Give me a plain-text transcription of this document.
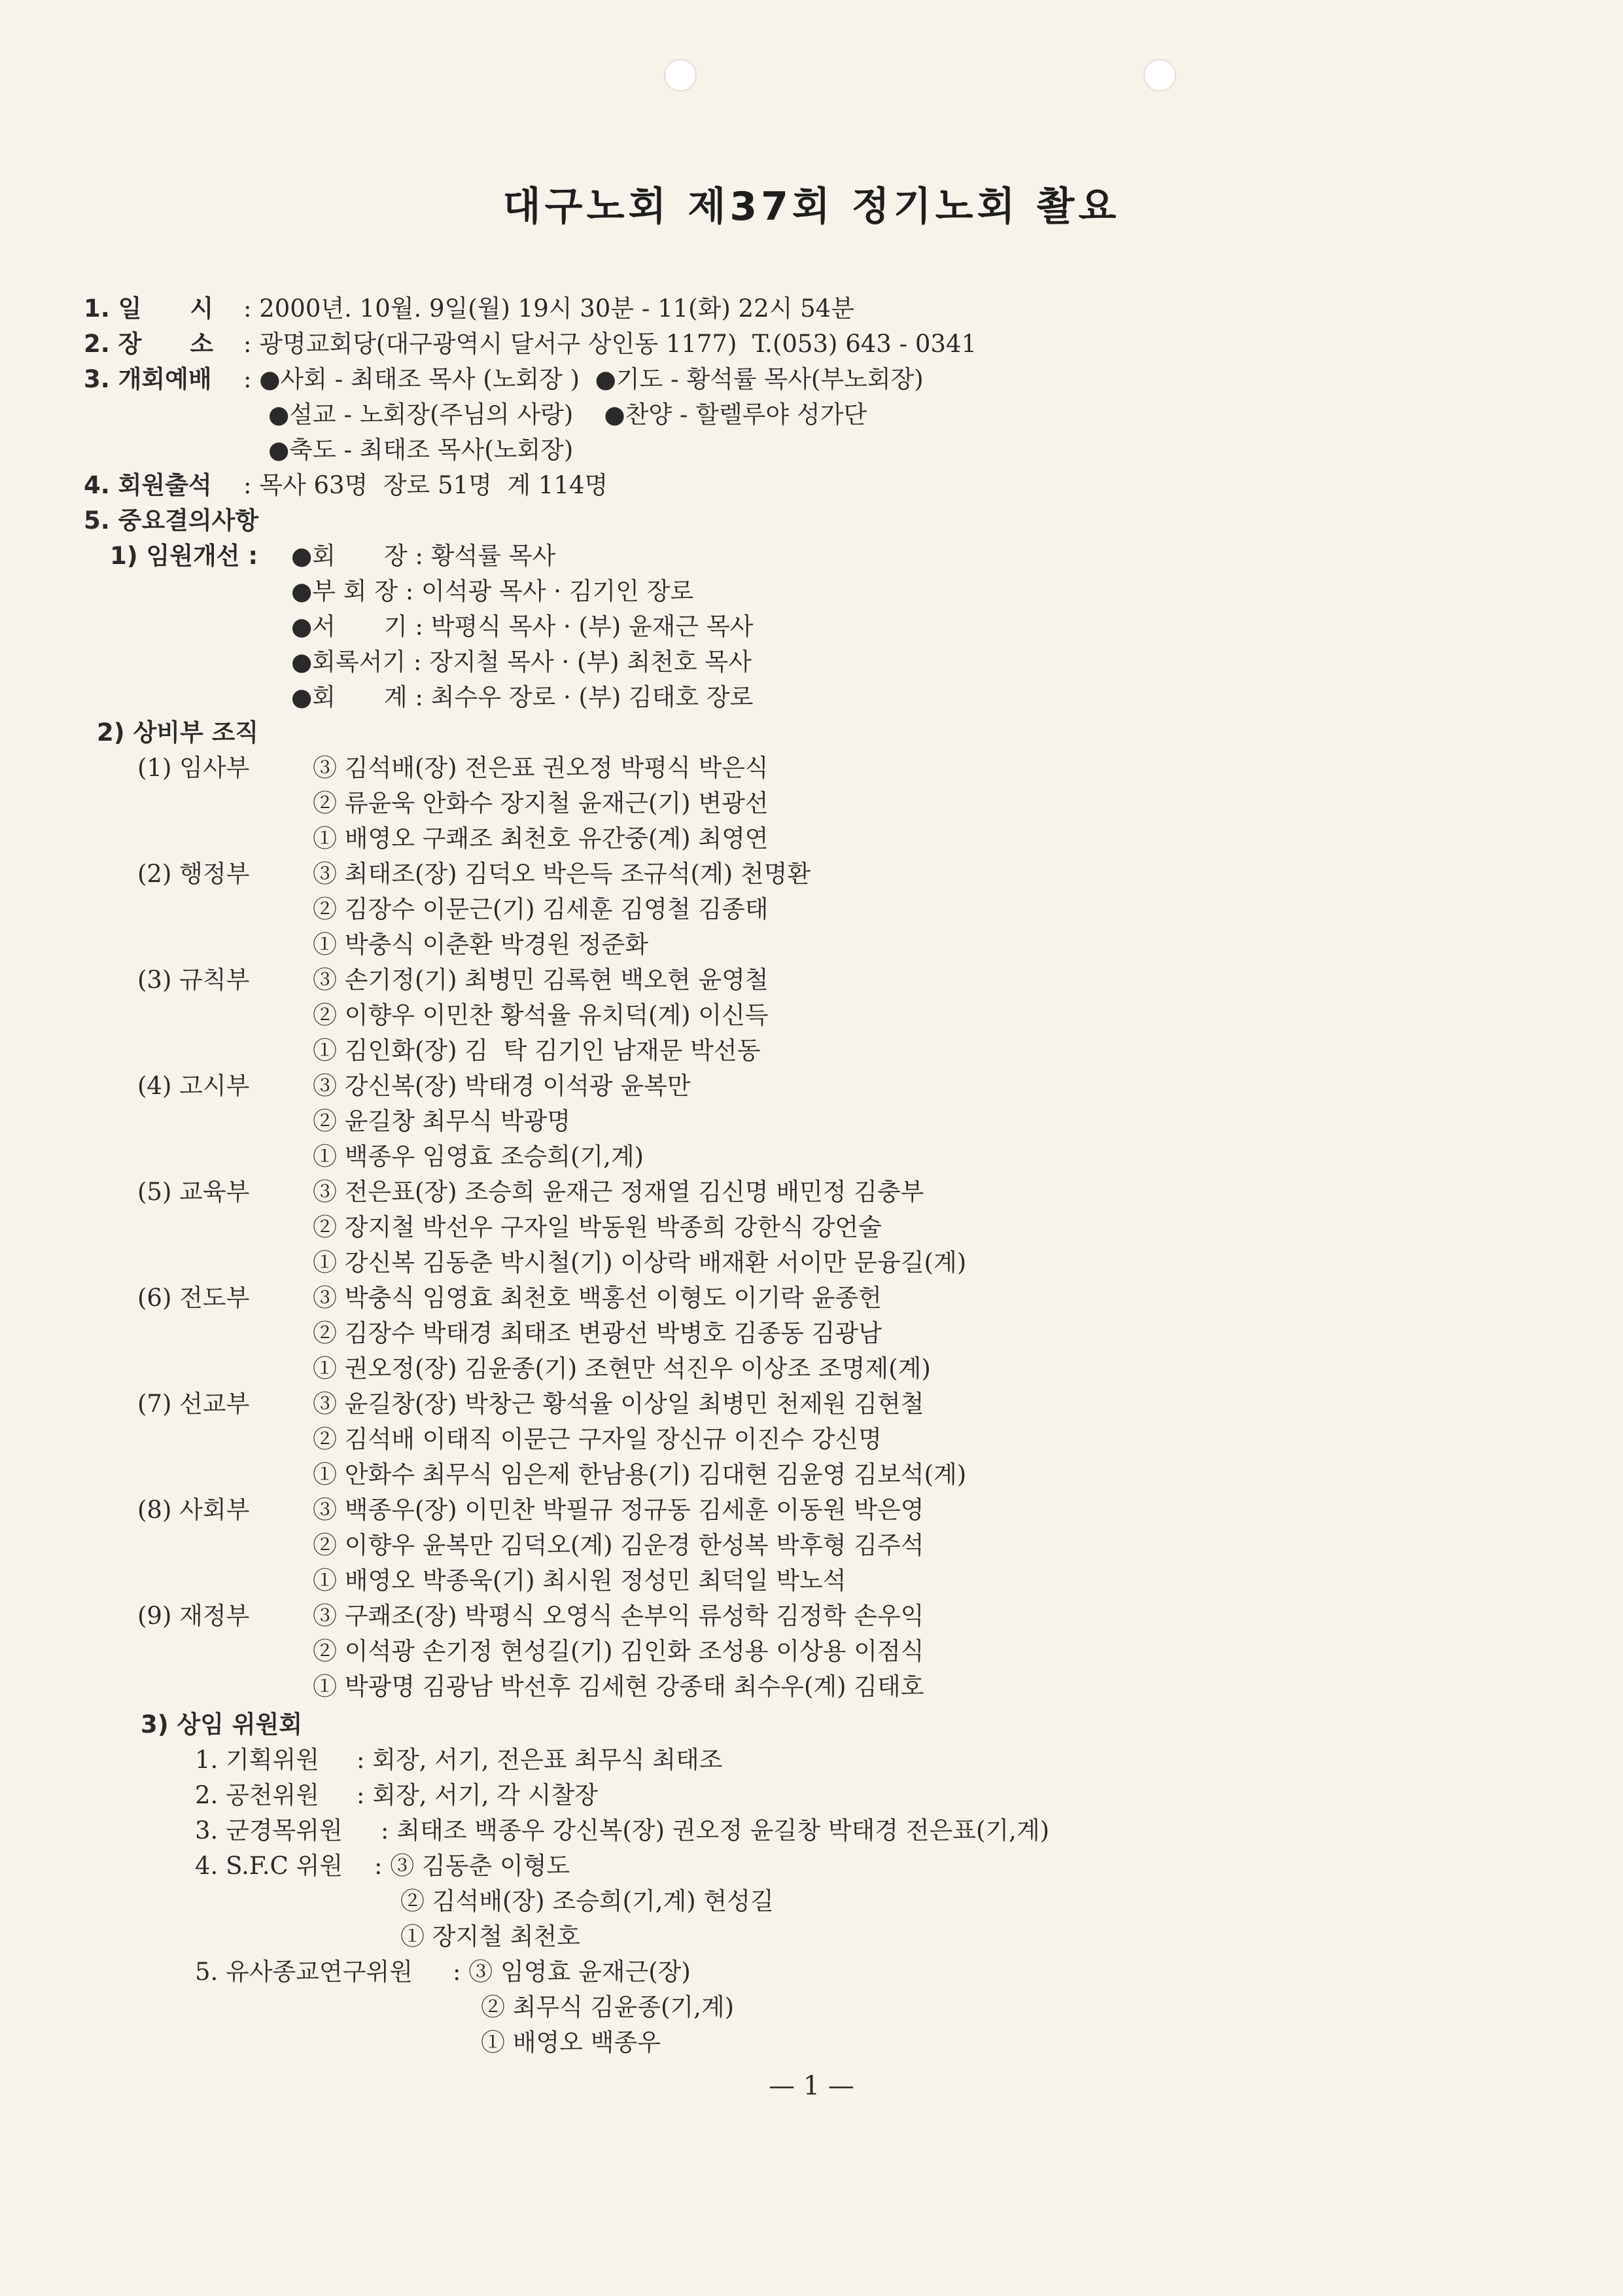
대구노회 제37회 정기노회 촬요
1. 일　　시 : 2000년. 10월. 9일(월) 19시 30분 - 11(화) 22시 54분
2. 장　　소 : 광명교회당(대구광역시 달서구 상인동 1177)  T.(053) 643 - 0341
3. 개회예배 : ●사회 - 최태조 목사 (노회장 )  ●기도 - 황석률 목사(부노회장)
●설교 - 노회장(주님의 사랑)    ●찬양 - 할렐루야 성가단
●축도 - 최태조 목사(노회장)
4. 회원출석 : 목사 63명  장로 51명  계 114명
5. 중요결의사항
1) 임원개선 : ●회　　장 : 황석률 목사
●부 회 장 : 이석광 목사 · 김기인 장로
●서　　기 : 박평식 목사 · (부) 윤재근 목사
●회록서기 : 장지철 목사 · (부) 최천호 목사
●회　　계 : 최수우 장로 · (부) 김태호 장로
2) 상비부 조직
(1) 임사부	③ 김석배(장) 전은표 권오정 박평식 박은식
② 류윤욱 안화수 장지철 윤재근(기) 변광선
① 배영오 구쾌조 최천호 유간중(계) 최영연
(2) 행정부	③ 최태조(장) 김덕오 박은득 조규석(계) 천명환
② 김장수 이문근(기) 김세훈 김영철 김종태
① 박충식 이춘환 박경원 정준화
(3) 규칙부	③ 손기정(기) 최병민 김록현 백오현 윤영철
② 이향우 이민찬 황석율 유치덕(계) 이신득
① 김인화(장) 김  탁 김기인 남재문 박선동
(4) 고시부	③ 강신복(장) 박태경 이석광 윤복만
② 윤길창 최무식 박광명
① 백종우 임영효 조승희(기,계)
(5) 교육부	③ 전은표(장) 조승희 윤재근 정재열 김신명 배민정 김충부
② 장지철 박선우 구자일 박동원 박종희 강한식 강언술
① 강신복 김동춘 박시철(기) 이상락 배재환 서이만 문융길(계)
(6) 전도부	③ 박충식 임영효 최천호 백홍선 이형도 이기락 윤종헌
② 김장수 박태경 최태조 변광선 박병호 김종동 김광남
① 권오정(장) 김윤종(기) 조현만 석진우 이상조 조명제(계)
(7) 선교부	③ 윤길창(장) 박창근 황석율 이상일 최병민 천제원 김현철
② 김석배 이태직 이문근 구자일 장신규 이진수 강신명
① 안화수 최무식 임은제 한남용(기) 김대현 김윤영 김보석(계)
(8) 사회부	③ 백종우(장) 이민찬 박필규 정규동 김세훈 이동원 박은영
② 이향우 윤복만 김덕오(계) 김운경 한성복 박후형 김주석
① 배영오 박종욱(기) 최시원 정성민 최덕일 박노석
(9) 재정부	③ 구쾌조(장) 박평식 오영식 손부익 류성학 김정학 손우익
② 이석광 손기정 현성길(기) 김인화 조성용 이상용 이점식
① 박광명 김광남 박선후 김세현 강종태 최수우(계) 김태호
3) 상임 위원회
1. 기획위원 : 회장, 서기, 전은표 최무식 최태조
2. 공천위원 : 회장, 서기, 각 시찰장
3. 군경목위원 : 최태조 백종우 강신복(장) 권오정 윤길창 박태경 전은표(기,계)
4. S.F.C 위원 : ③ 김동춘 이형도
② 김석배(장) 조승희(기,계) 현성길
① 장지철 최천호
5. 유사종교연구위원 : ③ 임영효 윤재근(장)
② 최무식 김윤종(기,계)
① 배영오 백종우
— 1 —
